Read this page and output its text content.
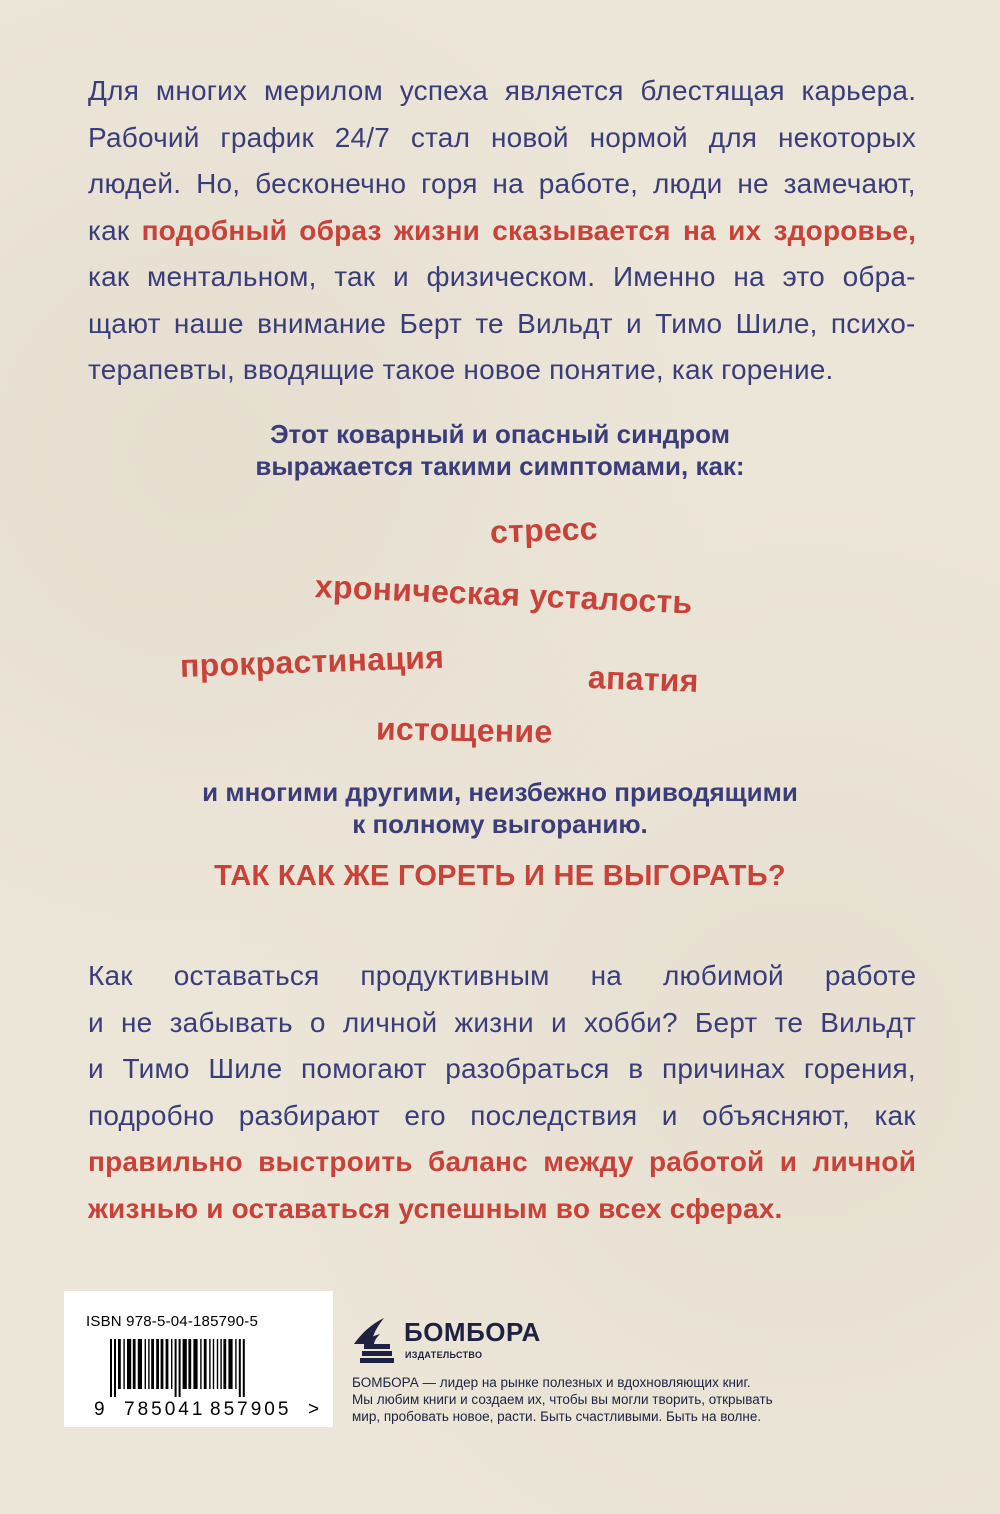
Для многих мерилом успеха является блестящая карьера.
Рабочий график 24/7 стал новой нормой для некоторых
людей. Но, бесконечно горя на работе, люди не замечают,
как подобный образ жизни сказывается на их здоровье,
как ментальном, так и физическом. Именно на это обра-
щают наше внимание Берт те Вильдт и Тимо Шиле, психо-
терапевты, вводящие такое новое понятие, как горение.
Этот коварный и опасный синдром
выражается такими симптомами, как:
стресс
хроническая усталость
прокрастинация	апатия
истощение
и многими другими, неизбежно приводящими
к полному выгоранию.
ТАК КАК ЖЕ ГОРЕТЬ И НЕ ВЫГОРАТЬ?
Как оставаться продуктивным на любимой работе
и не забывать о личной жизни и хобби? Берт те Вильдт
и Тимо Шиле помогают разобраться в причинах горения,
подробно разбирают его последствия и объясняют, как
правильно выстроить баланс между работой и личной
жизнью и оставаться успешным во всех сферах.
9 785041 857905 >
ISBN 978-5-04-185790-5	БОМБОРА
ИЗДАТЕЛЬСТВО
БОМБОРА — лидер на рынке полезных и вдохновляющих книг.
Мы любим книги и создаем их, чтобы вы могли творить, открывать
мир, пробовать новое, расти. Быть счастливыми. Быть на волне.
